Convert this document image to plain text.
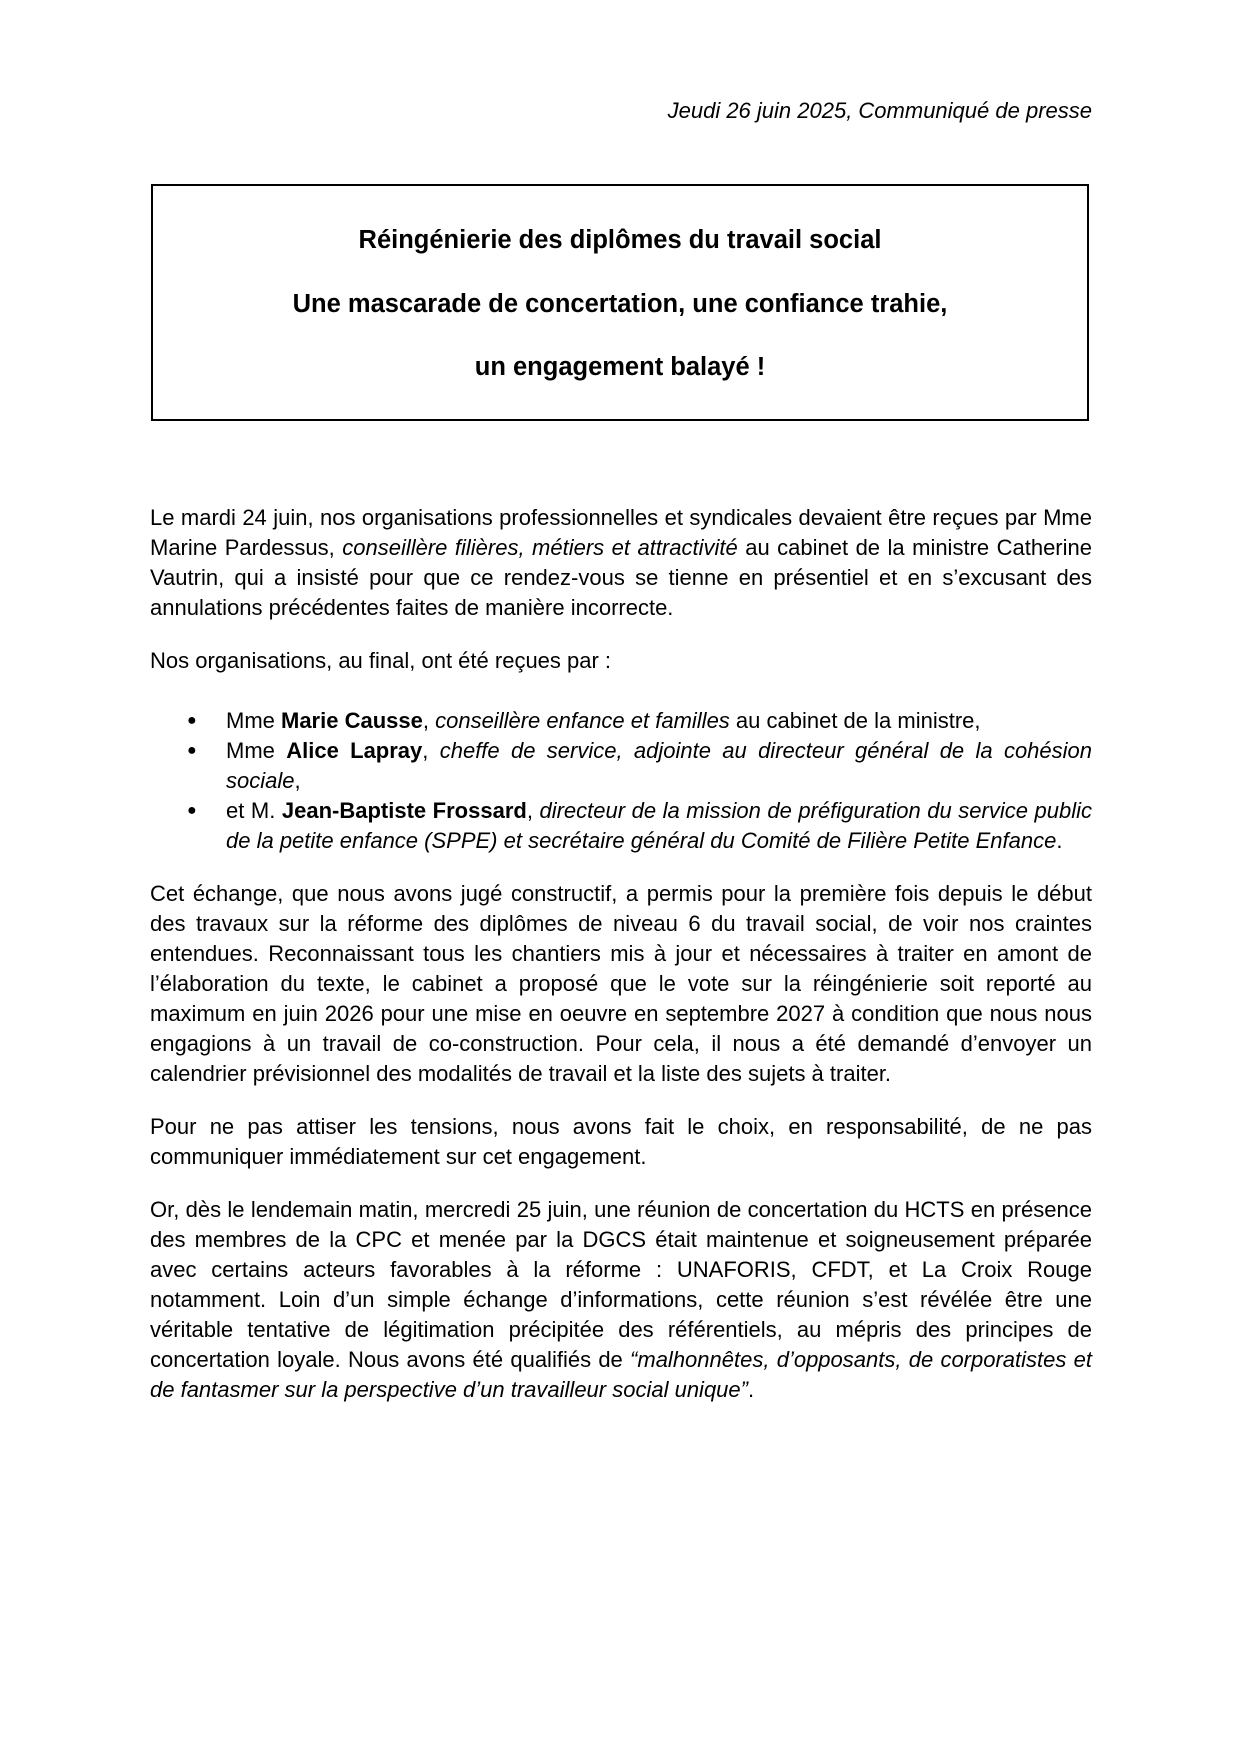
Jeudi 26 juin 2025, Communiqué de presse
Réingénierie des diplômes du travail social
Une mascarade de concertation, une confiance trahie,
un engagement balayé !

Le mardi 24 juin, nos organisations professionnelles et syndicales devaient être reçues par Mme Marine Pardessus, conseillère filières, métiers et attractivité au cabinet de la ministre Catherine Vautrin, qui a insisté pour que ce rendez-vous se tienne en présentiel et en s’excusant des annulations précédentes faites de manière incorrecte.

Nos organisations, au final, ont été reçues par :

● Mme Marie Causse, conseillère enfance et familles au cabinet de la ministre,
● Mme Alice Lapray, cheffe de service, adjointe au directeur général de la cohésion sociale,
● et M. Jean-Baptiste Frossard, directeur de la mission de préfiguration du service public de la petite enfance (SPPE) et secrétaire général du Comité de Filière Petite Enfance.

Cet échange, que nous avons jugé constructif, a permis pour la première fois depuis le début des travaux sur la réforme des diplômes de niveau 6 du travail social, de voir nos craintes entendues. Reconnaissant tous les chantiers mis à jour et nécessaires à traiter en amont de l’élaboration du texte, le cabinet a proposé que le vote sur la réingénierie soit reporté au maximum en juin 2026 pour une mise en oeuvre en septembre 2027 à condition que nous nous engagions à un travail de co-construction. Pour cela, il nous a été demandé d’envoyer un calendrier prévisionnel des modalités de travail et la liste des sujets à traiter.

Pour ne pas attiser les tensions, nous avons fait le choix, en responsabilité, de ne pas communiquer immédiatement sur cet engagement.

Or, dès le lendemain matin, mercredi 25 juin, une réunion de concertation du HCTS en présence des membres de la CPC et menée par la DGCS était maintenue et soigneusement préparée avec certains acteurs favorables à la réforme : UNAFORIS, CFDT, et La Croix Rouge notamment. Loin d’un simple échange d’informations, cette réunion s’est révélée être une véritable tentative de légitimation précipitée des référentiels, au mépris des principes de concertation loyale. Nous avons été qualifiés de “malhonnêtes, d’opposants, de corporatistes et de fantasmer sur la perspective d’un travailleur social unique”.
